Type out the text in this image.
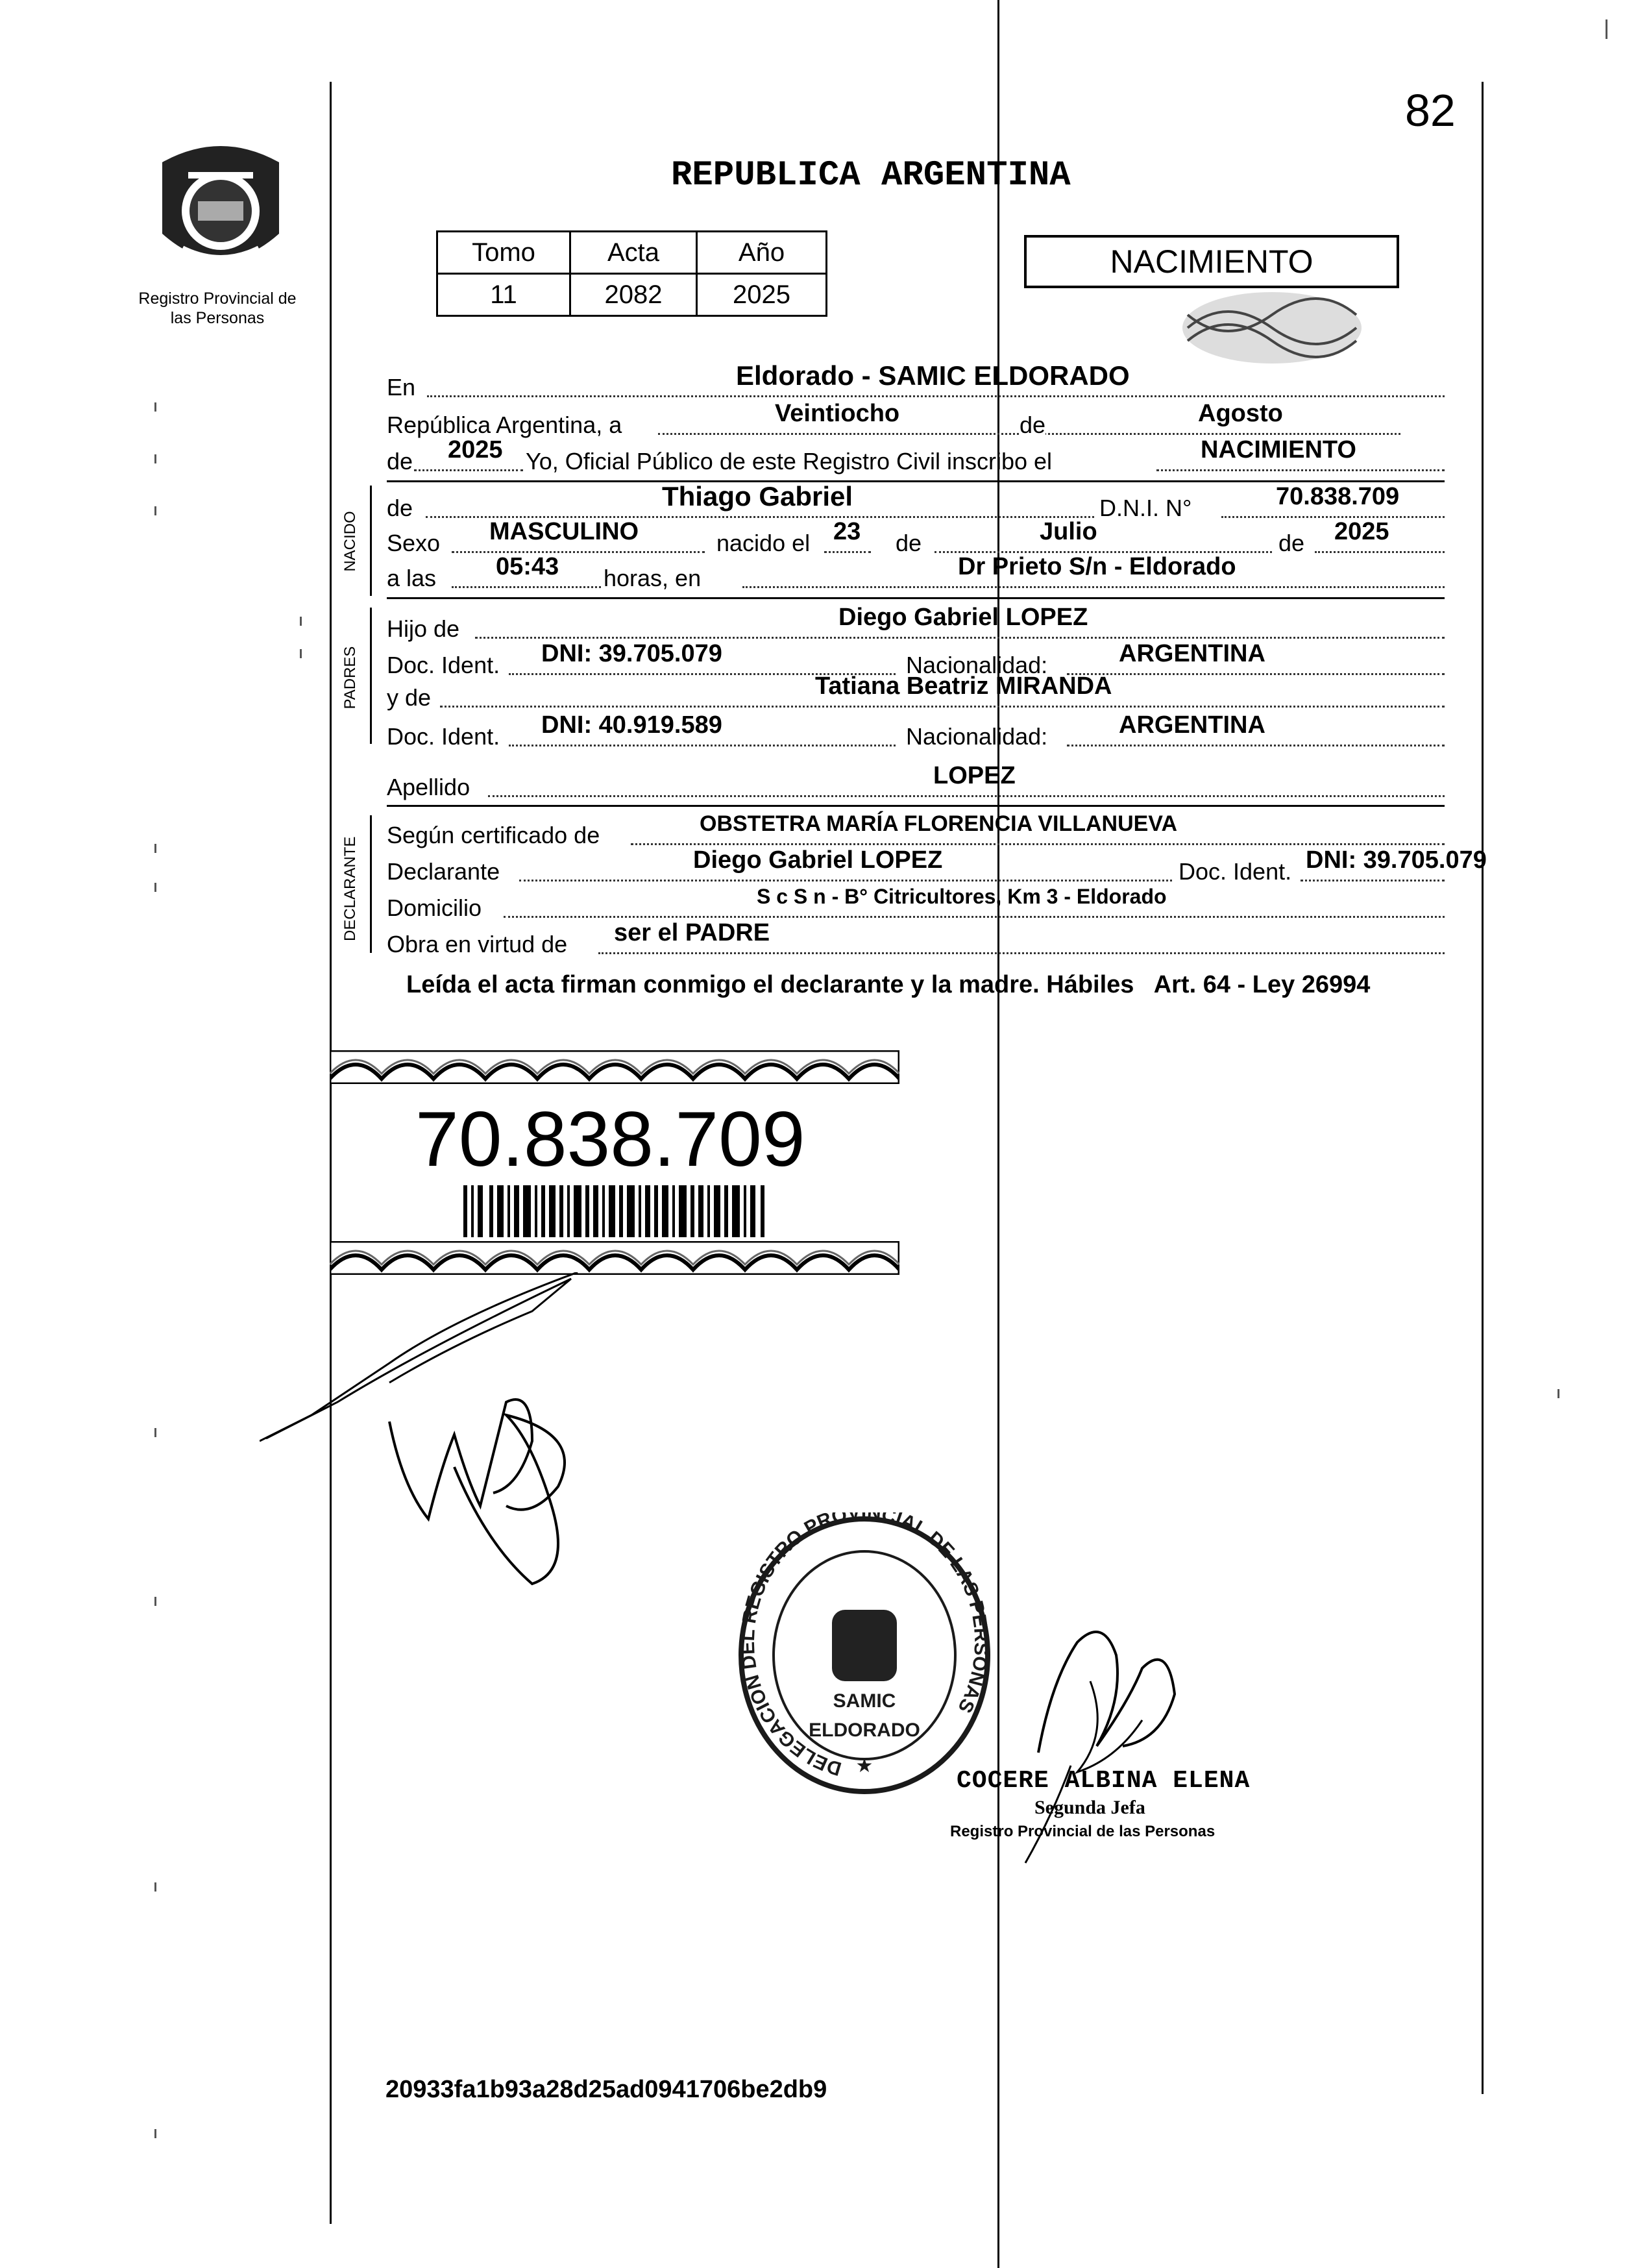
82
Registro Provincial de las Personas
REPUBLICA ARGENTINA
Tomo	Acta	Año
11	2082	2025
NACIMIENTO
En	Eldorado - SAMIC ELDORADO
República Argentina, a	Veintiocho	de	Agosto
de 2025 Yo, Oficial Público de este Registro Civil inscribo el	NACIMIENTO
NACIDO
de	Thiago Gabriel	D.N.I. N°	70.838.709
Sexo MASCULINO	nacido el 23 de	Julio	de 2025
a las 05:43 horas, en	Dr Prieto S/n - Eldorado
PADRES
Hijo de	Diego Gabriel LOPEZ
Doc. Ident. DNI: 39.705.079	Nacionalidad:	ARGENTINA
y de	Tatiana Beatriz MIRANDA
Doc. Ident. DNI: 40.919.589	Nacionalidad:	ARGENTINA
Apellido	LOPEZ
DECLARANTE
Según certificado de	OBSTETRA MARÍA FLORENCIA VILLANUEVA
Declarante	Diego Gabriel LOPEZ	Doc. Ident. DNI: 39.705.079
Domicilio	S c S n - B° Citricultores, Km 3 - Eldorado
Obra en virtud de ser el PADRE
Leída el acta firman conmigo el declarante y la madre. Hábiles   Art. 64 - Ley 26994
70.838.709
DELEGACION DEL REGISTRO PROVINCIAL DE LAS PERSONAS
SAMIC
ELDORADO
★
COCERE ALBINA ELENA
Segunda Jefa
Registro Provincial de las Personas
20933fa1b93a28d25ad0941706be2db9
